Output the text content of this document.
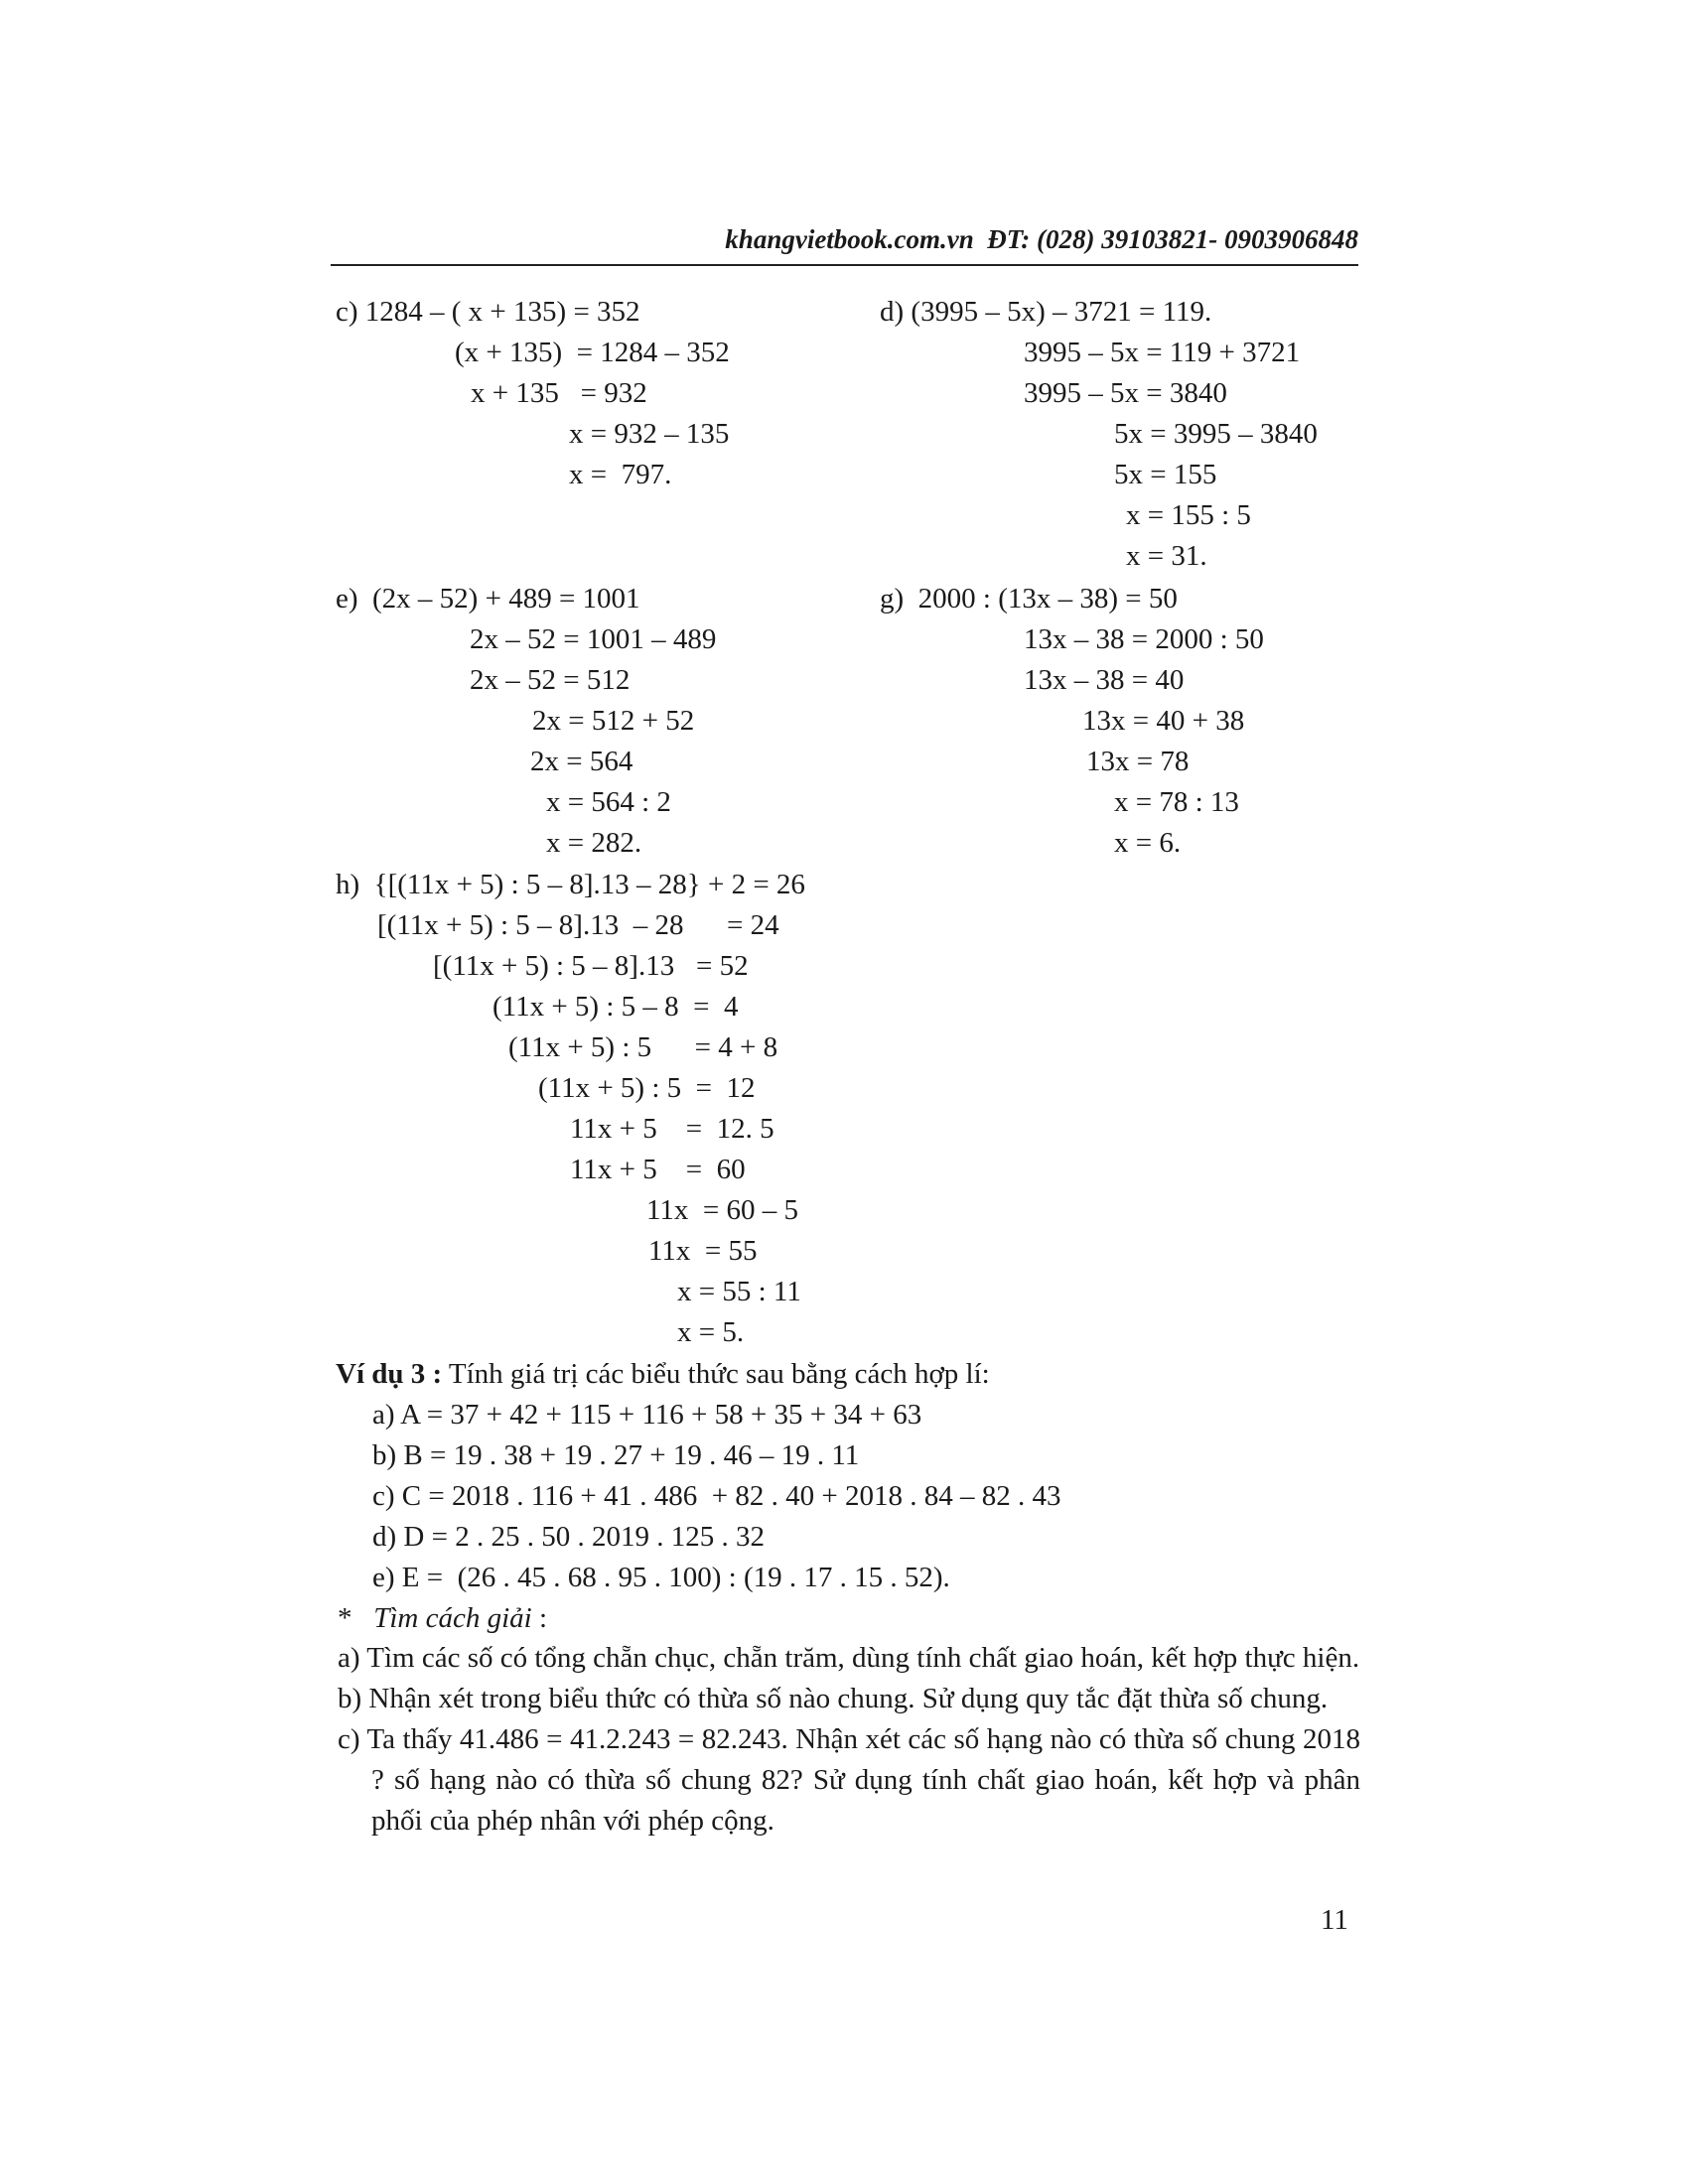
khangvietbook.com.vn ĐT: (028) 39103821- 0903906848
c) 1284 – ( x + 135) = 352
(x + 135)  = 1284 – 352
x + 135   = 932
x = 932 – 135
x =  797.
d) (3995 – 5x) – 3721 = 119.
3995 – 5x = 119 + 3721
3995 – 5x = 3840
5x = 3995 – 3840
5x = 155
x = 155 : 5
x = 31.
e)  (2x – 52) + 489 = 1001
2x – 52 = 1001 – 489
2x – 52 = 512
2x = 512 + 52
2x = 564
x = 564 : 2
x = 282.
g)  2000 : (13x – 38) = 50
13x – 38 = 2000 : 50
13x – 38 = 40
13x = 40 + 38
13x = 78
x = 78 : 13
x = 6.
h)  {[(11x + 5) : 5 – 8].13 – 28} + 2 = 26
[(11x + 5) : 5 – 8].13  – 28      = 24
[(11x + 5) : 5 – 8].13   = 52
(11x + 5) : 5 – 8  =  4
(11x + 5) : 5      = 4 + 8
(11x + 5) : 5  =  12
11x + 5    =  12. 5
11x + 5    =  60
11x  = 60 – 5
11x  = 55
x = 55 : 11
x = 5.
Ví dụ 3 : Tính giá trị các biểu thức sau bằng cách hợp lí:
a) A = 37 + 42 + 115 + 116 + 58 + 35 + 34 + 63
b) B = 19 . 38 + 19 . 27 + 19 . 46 – 19 . 11
c) C = 2018 . 116 + 41 . 486  + 82 . 40 + 2018 . 84 – 82 . 43
d) D = 2 . 25 . 50 . 2019 . 125 . 32
e) E =  (26 . 45 . 68 . 95 . 100) : (19 . 17 . 15 . 52).
* Tìm cách giải :
a) Tìm các số có tổng chẵn chục, chẵn trăm, dùng tính chất giao hoán, kết hợp thực hiện.
b) Nhận xét trong biểu thức có thừa số nào chung. Sử dụng quy tắc đặt thừa số chung.
c) Ta thấy 41.486 = 41.2.243 = 82.243. Nhận xét các số hạng nào có thừa số chung 2018 ? số hạng nào có thừa số chung 82? Sử dụng tính chất giao hoán, kết hợp và phân phối của phép nhân với phép cộng.
11
